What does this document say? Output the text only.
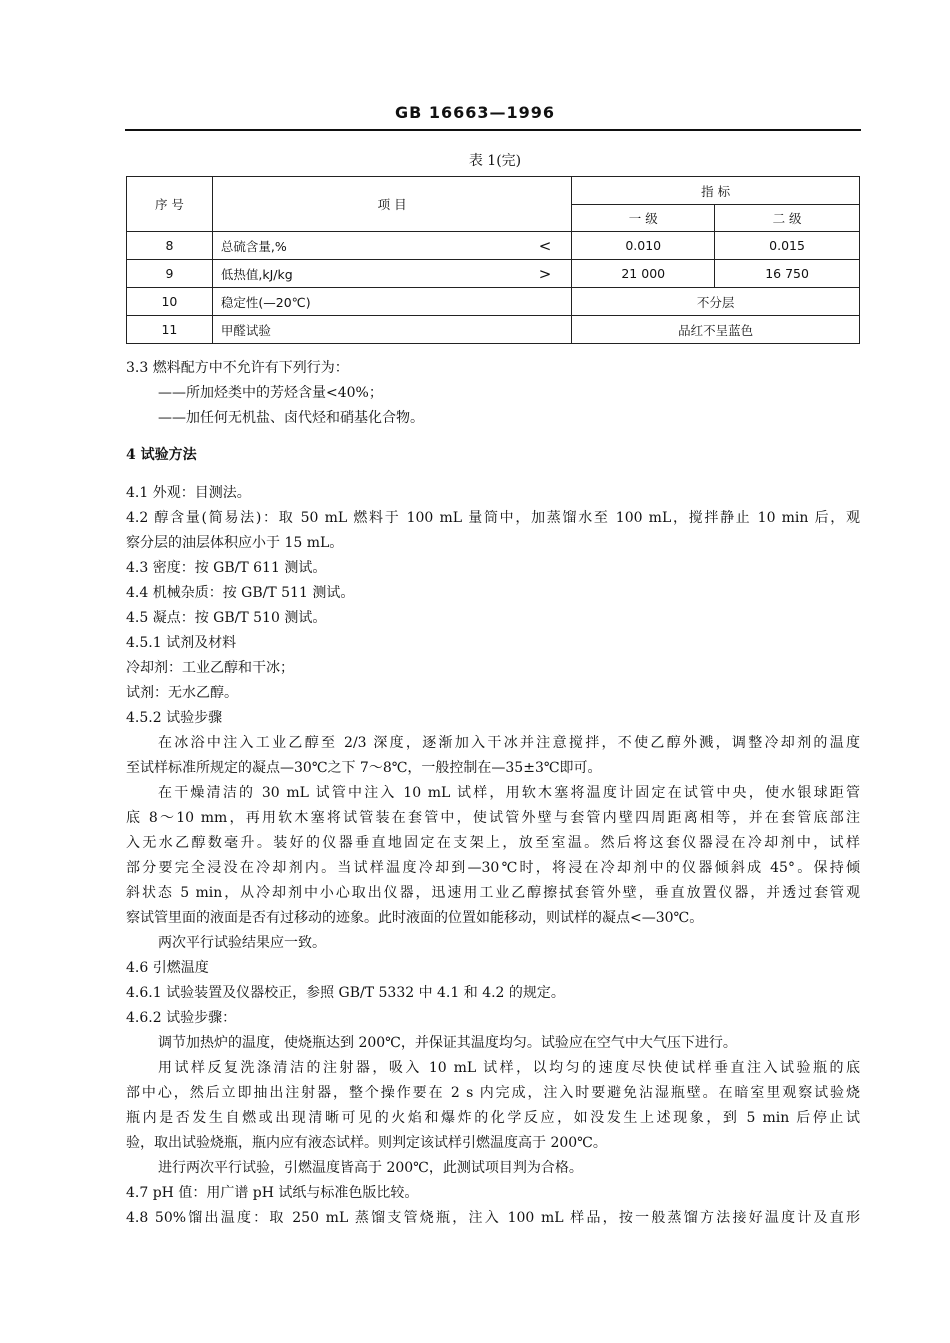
GB 16663—1996
表 1(完)
序 号	项 目	指 标	
		一 级	二 级
8	总硫含量,% <	0.010	0.015
9	低热值,kJ/kg >	21 000	16 750
10	稳定性(—20℃)	不分层	
11	甲醛试验	品红不呈蓝色	
3.3 燃料配方中不允许有下列行为：
——所加烃类中的芳烃含量<40%；
——加任何无机盐、卤代烃和硝基化合物。
4 试验方法
4.1 外观：目测法。
4.2 醇含量(简易法)：取 50 mL 燃料于 100 mL 量筒中，加蒸馏水至 100 mL，搅拌静止 10 min 后，观
察分层的油层体积应小于 15 mL。
4.3 密度：按 GB/T 611 测试。
4.4 机械杂质：按 GB/T 511 测试。
4.5 凝点：按 GB/T 510 测试。
4.5.1 试剂及材料
冷却剂：工业乙醇和干冰；
试剂：无水乙醇。
4.5.2 试验步骤
在冰浴中注入工业乙醇至 2/3 深度，逐渐加入干冰并注意搅拌，不使乙醇外溅，调整冷却剂的温度
至试样标准所规定的凝点—30℃之下 7～8℃，一般控制在—35±3℃即可。
在干燥清洁的 30 mL 试管中注入 10 mL 试样，用软木塞将温度计固定在试管中央，使水银球距管
底 8～10 mm，再用软木塞将试管装在套管中，使试管外壁与套管内壁四周距离相等，并在套管底部注
入无水乙醇数毫升。装好的仪器垂直地固定在支架上，放至室温。然后将这套仪器浸在冷却剂中，试样
部分要完全浸没在冷却剂内。当试样温度冷却到—30℃时，将浸在冷却剂中的仪器倾斜成 45°。保持倾
斜状态 5 min，从冷却剂中小心取出仪器，迅速用工业乙醇擦拭套管外壁，垂直放置仪器，并透过套管观
察试管里面的液面是否有过移动的迹象。此时液面的位置如能移动，则试样的凝点<—30℃。
两次平行试验结果应一致。
4.6 引燃温度
4.6.1 试验装置及仪器校正，参照 GB/T 5332 中 4.1 和 4.2 的规定。
4.6.2 试验步骤：
调节加热炉的温度，使烧瓶达到 200℃，并保证其温度均匀。试验应在空气中大气压下进行。
用试样反复洗涤清洁的注射器，吸入 10 mL 试样，以均匀的速度尽快使试样垂直注入试验瓶的底
部中心，然后立即抽出注射器，整个操作要在 2 s 内完成，注入时要避免沾湿瓶壁。在暗室里观察试验烧
瓶内是否发生自燃或出现清晰可见的火焰和爆炸的化学反应，如没发生上述现象，到 5 min 后停止试
验，取出试验烧瓶，瓶内应有液态试样。则判定该试样引燃温度高于 200℃。
进行两次平行试验，引燃温度皆高于 200℃，此测试项目判为合格。
4.7 pH 值：用广谱 pH 试纸与标准色版比较。
4.8 50%馏出温度：取 250 mL 蒸馏支管烧瓶，注入 100 mL 样品，按一般蒸馏方法接好温度计及直形
